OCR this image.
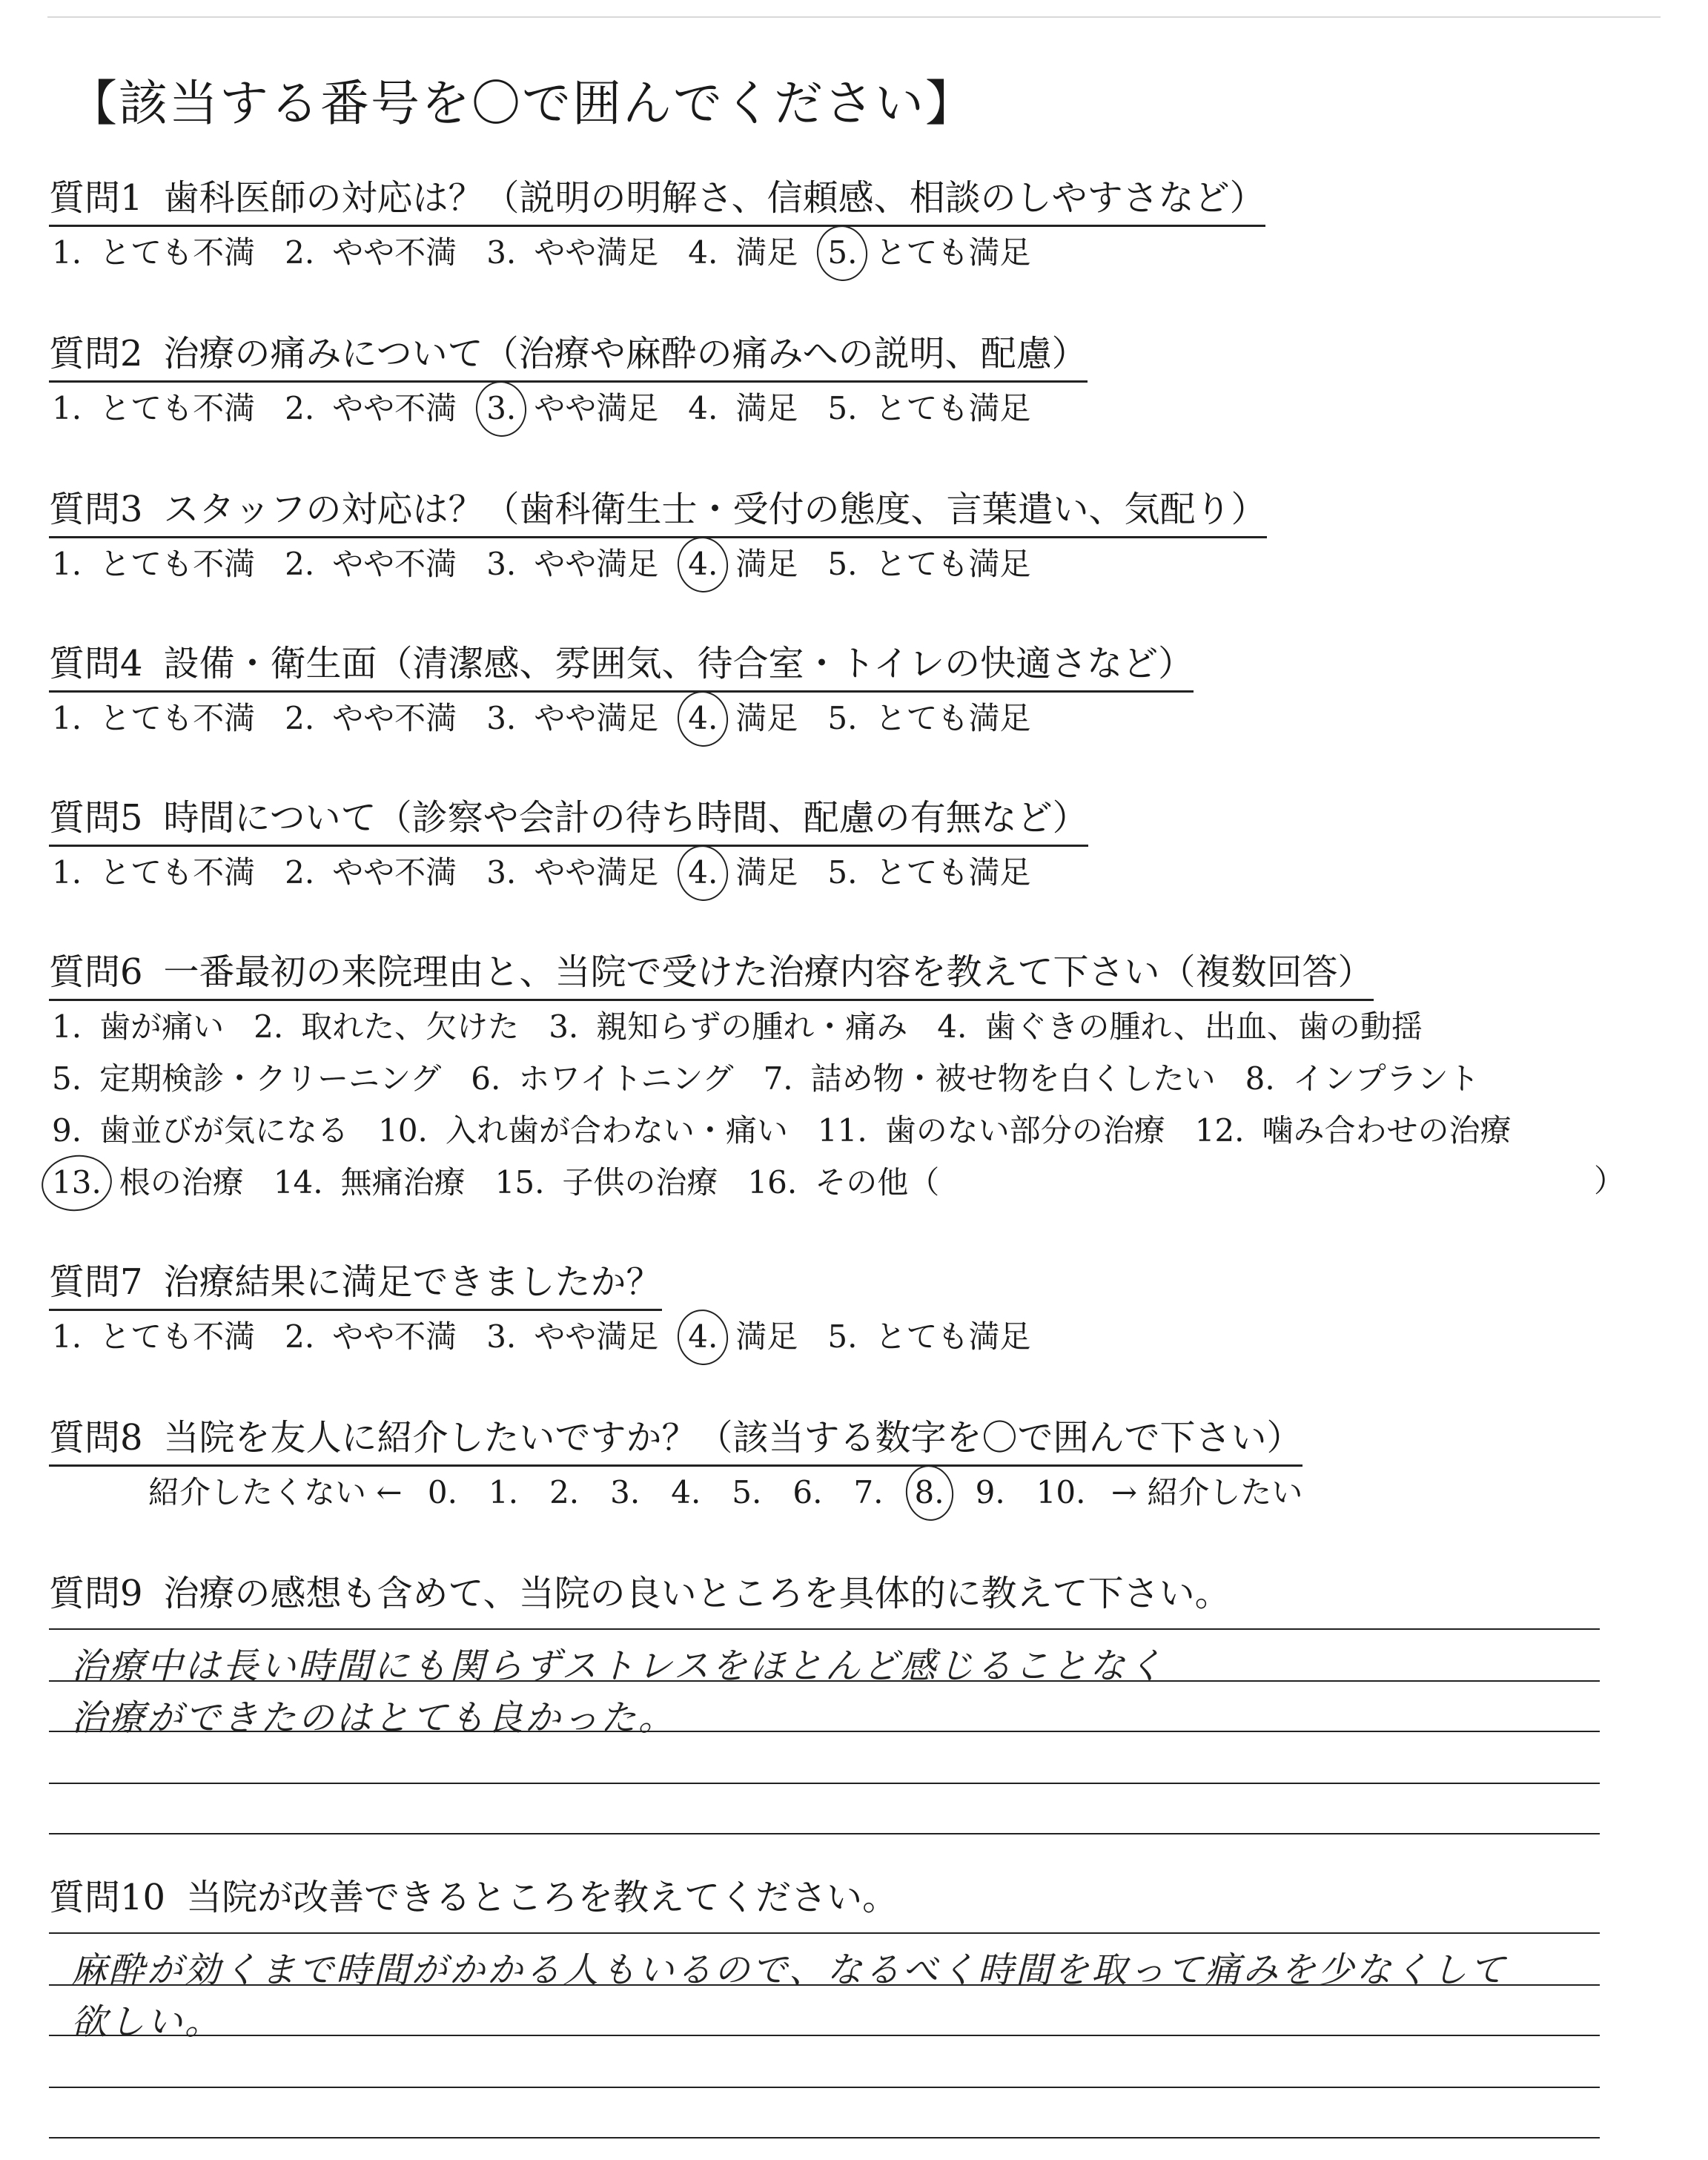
【該当する番号を〇で囲んでください】
質問1 歯科医師の対応は？（説明の明解さ、信頼感、相談のしやすさなど）
1. とても不満 2. やや不満 3. やや満足 4. 満足 5. とても満足
質問2 治療の痛みについて（治療や麻酔の痛みへの説明、配慮）
1. とても不満 2. やや不満 3. やや満足 4. 満足 5. とても満足
質問3 スタッフの対応は？（歯科衛生士・受付の態度、言葉遣い、気配り）
1. とても不満 2. やや不満 3. やや満足 4. 満足 5. とても満足
質問4 設備・衛生面（清潔感、雰囲気、待合室・トイレの快適さなど）
1. とても不満 2. やや不満 3. やや満足 4. 満足 5. とても満足
質問5 時間について（診察や会計の待ち時間、配慮の有無など）
1. とても不満 2. やや不満 3. やや満足 4. 満足 5. とても満足
質問6 一番最初の来院理由と、当院で受けた治療内容を教えて下さい（複数回答）
1. 歯が痛い 2. 取れた、欠けた 3. 親知らずの腫れ・痛み 4. 歯ぐきの腫れ、出血、歯の動揺
5. 定期検診・クリーニング 6. ホワイトニング 7. 詰め物・被せ物を白くしたい 8. インプラント
9. 歯並びが気になる 10. 入れ歯が合わない・痛い 11. 歯のない部分の治療 12. 噛み合わせの治療
13. 根の治療 14. 無痛治療 15. 子供の治療 16. その他（	）
質問7 治療結果に満足できましたか？
1. とても不満 2. やや不満 3. やや満足 4. 満足 5. とても満足
質問8 当院を友人に紹介したいですか？（該当する数字を〇で囲んで下さい）
紹介したくない ← 0. 1. 2. 3. 4. 5. 6. 7. 8. 9. 10. → 紹介したい
質問9 治療の感想も含めて、当院の良いところを具体的に教えて下さい。
治療中は長い時間にも関らずストレスをほとんど感じることなく
治療ができたのはとても良かった。
質問10 当院が改善できるところを教えてください。
麻酔が効くまで時間がかかる人もいるので、なるべく時間を取って痛みを少なくして
欲しい。
